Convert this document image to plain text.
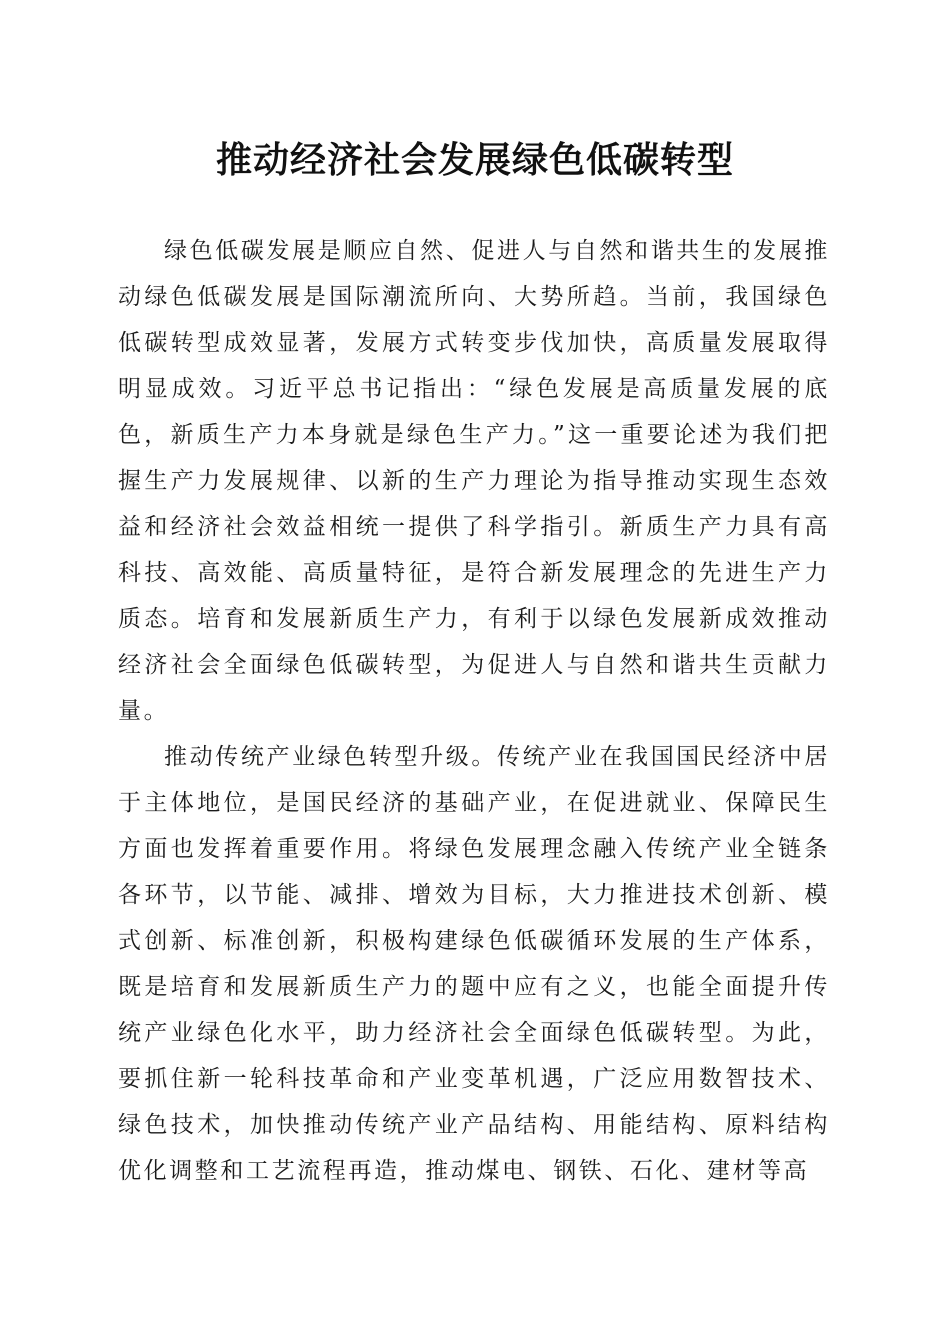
推动经济社会发展绿色低碳转型

绿色低碳发展是顺应自然、促进人与自然和谐共生的发展推动绿色低碳发展是国际潮流所向、大势所趋。当前，我国绿色低碳转型成效显著，发展方式转变步伐加快，高质量发展取得明显成效。习近平总书记指出：“绿色发展是高质量发展的底色，新质生产力本身就是绿色生产力。”这一重要论述为我们把握生产力发展规律、以新的生产力理论为指导推动实现生态效益和经济社会效益相统一提供了科学指引。新质生产力具有高科技、高效能、高质量特征，是符合新发展理念的先进生产力质态。培育和发展新质生产力，有利于以绿色发展新成效推动经济社会全面绿色低碳转型，为促进人与自然和谐共生贡献力量。

推动传统产业绿色转型升级。传统产业在我国国民经济中居于主体地位，是国民经济的基础产业，在促进就业、保障民生方面也发挥着重要作用。将绿色发展理念融入传统产业全链条各环节，以节能、减排、增效为目标，大力推进技术创新、模式创新、标准创新，积极构建绿色低碳循环发展的生产体系，既是培育和发展新质生产力的题中应有之义，也能全面提升传统产业绿色化水平，助力经济社会全面绿色低碳转型。为此，要抓住新一轮科技革命和产业变革机遇，广泛应用数智技术、绿色技术，加快推动传统产业产品结构、用能结构、原料结构优化调整和工艺流程再造，推动煤电、钢铁、石化、建材等高
